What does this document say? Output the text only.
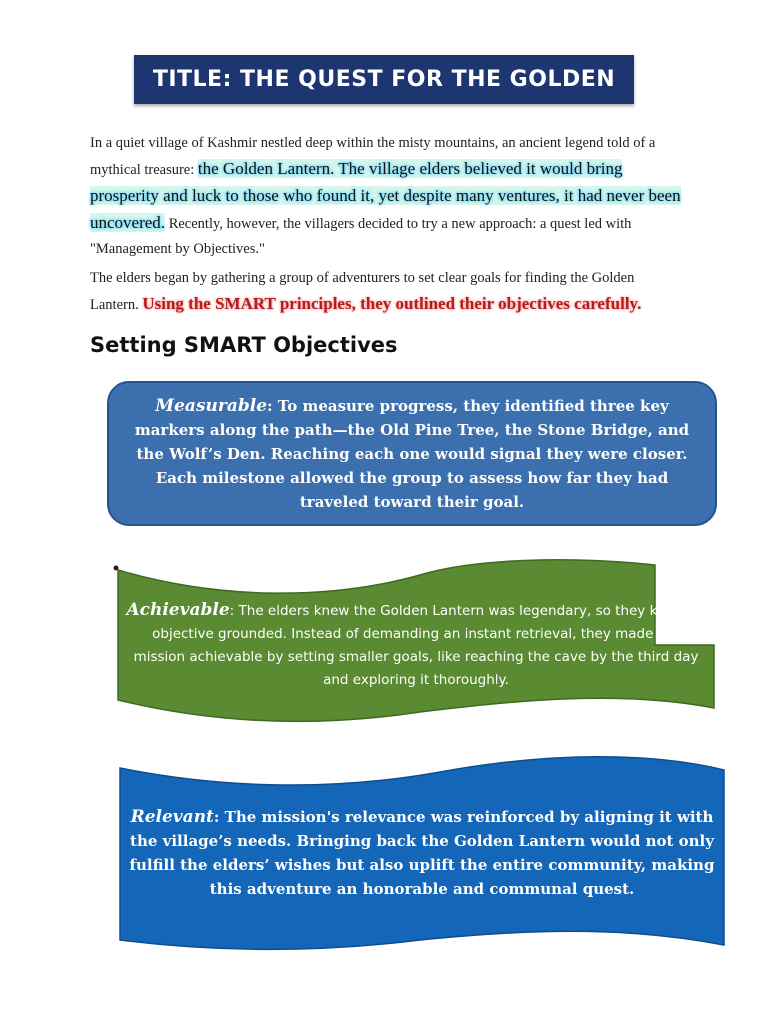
TITLE: THE QUEST FOR THE GOLDEN

In a quiet village of Kashmir nestled deep within the misty mountains, an ancient legend told of a mythical treasure: the Golden Lantern. The village elders believed it would bring prosperity and luck to those who found it, yet despite many ventures, it had never been uncovered. Recently, however, the villagers decided to try a new approach: a quest led with "Management by Objectives."

The elders began by gathering a group of adventurers to set clear goals for finding the Golden Lantern. Using the SMART principles, they outlined their objectives carefully.

Setting SMART Objectives

Measurable: To measure progress, they identified three key markers along the path—the Old Pine Tree, the Stone Bridge, and the Wolf’s Den. Reaching each one would signal they were closer. Each milestone allowed the group to assess how far they had traveled toward their goal.

Achievable: The elders knew the Golden Lantern was legendary, so they kept the objective grounded. Instead of demanding an instant retrieval, they made the mission achievable by setting smaller goals, like reaching the cave by the third day and exploring it thoroughly.

Relevant: The mission's relevance was reinforced by aligning it with the village’s needs. Bringing back the Golden Lantern would not only fulfill the elders’ wishes but also uplift the entire community, making this adventure an honorable and communal quest.
